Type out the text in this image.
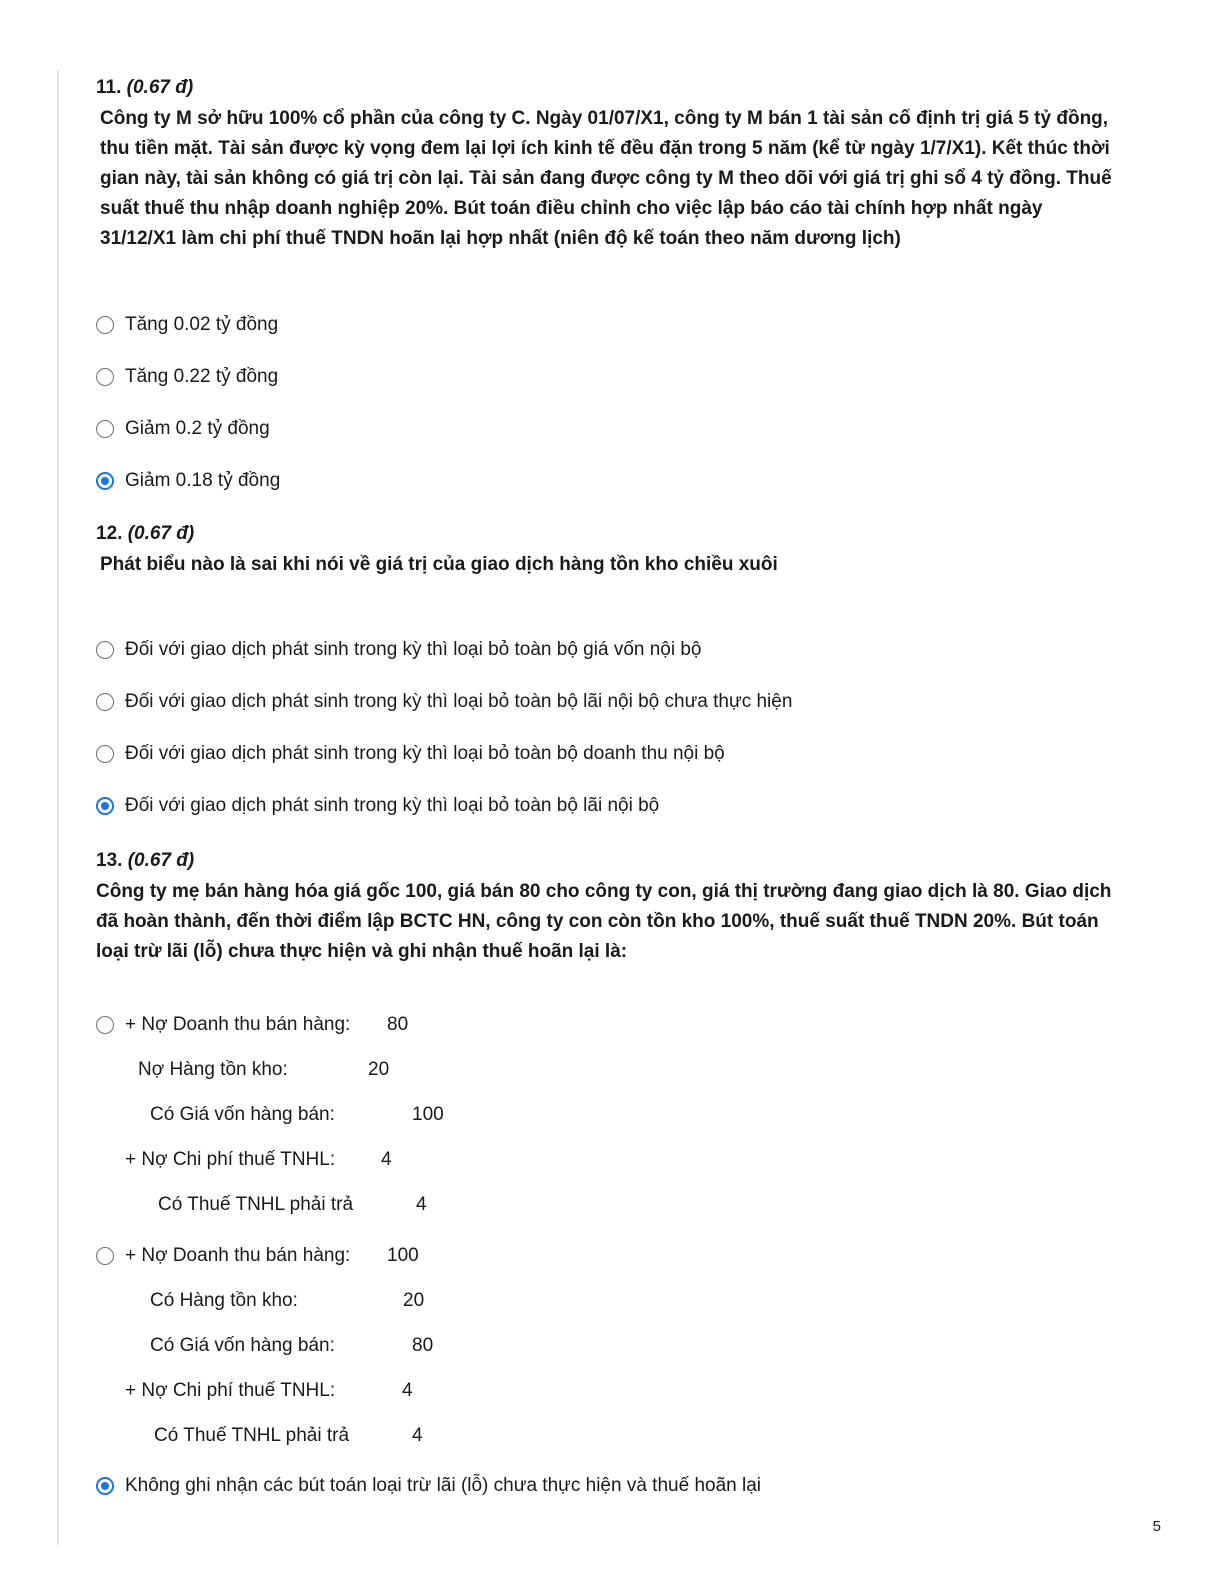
11. (0.67 đ)

Công ty M sở hữu 100% cổ phần của công ty C. Ngày 01/07/X1, công ty M bán 1 tài sản cố định trị giá 5 tỷ đồng, thu tiền mặt. Tài sản được kỳ vọng đem lại lợi ích kinh tế đều đặn trong 5 năm (kể từ ngày 1/7/X1). Kết thúc thời gian này, tài sản không có giá trị còn lại. Tài sản đang được công ty M theo dõi với giá trị ghi sổ 4 tỷ đồng. Thuế suất thuế thu nhập doanh nghiệp 20%. Bút toán điều chỉnh cho việc lập báo cáo tài chính hợp nhất ngày 31/12/X1 làm chi phí thuế TNDN hoãn lại hợp nhất (niên độ kế toán theo năm dương lịch)

Tăng 0.02 tỷ đồng
Tăng 0.22 tỷ đồng
Giảm 0.2 tỷ đồng
Giảm 0.18 tỷ đồng

12. (0.67 đ)

Phát biểu nào là sai khi nói về giá trị của giao dịch hàng tồn kho chiều xuôi

Đối với giao dịch phát sinh trong kỳ thì loại bỏ toàn bộ giá vốn nội bộ
Đối với giao dịch phát sinh trong kỳ thì loại bỏ toàn bộ lãi nội bộ chưa thực hiện
Đối với giao dịch phát sinh trong kỳ thì loại bỏ toàn bộ doanh thu nội bộ
Đối với giao dịch phát sinh trong kỳ thì loại bỏ toàn bộ lãi nội bộ

13. (0.67 đ)

Công ty mẹ bán hàng hóa giá gốc 100, giá bán 80 cho công ty con, giá thị trường đang giao dịch là 80. Giao dịch đã hoàn thành, đến thời điểm lập BCTC HN, công ty con còn tồn kho 100%, thuế suất thuế TNDN 20%. Bút toán loại trừ lãi (lỗ) chưa thực hiện và ghi nhận thuế hoãn lại là:

+ Nợ Doanh thu bán hàng: 80
Nợ Hàng tồn kho:	20
Có Giá vốn hàng bán:	100
+ Nợ Chi phí thuế TNHL: 4
Có Thuế TNHL phải trả	4
+ Nợ Doanh thu bán hàng: 100
Có Hàng tồn kho:	20
Có Giá vốn hàng bán:	80
+ Nợ Chi phí thuế TNHL:	4
Có Thuế TNHL phải trả	4
Không ghi nhận các bút toán loại trừ lãi (lỗ) chưa thực hiện và thuế hoãn lại
5
